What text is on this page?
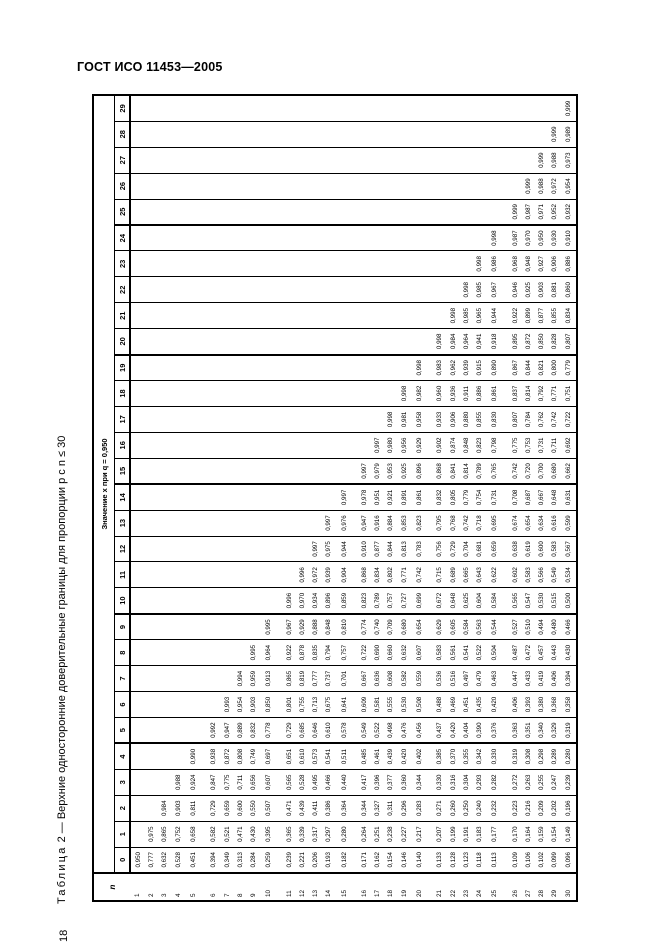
ГОСТ ИСО 11453—2005
18
Таблица 2 — Верхние односторонние доверительные границы для пропорции p с n ≤ 30
n	Значение x при q = 0,950																													
	0	1	2	3	4	5	6	7	8	9	10	11	12	13	14	15	16	17	18	19	20	21	22	23	24	25	26	27	28	29
1	0,950																													
2	0,777	0,975																												
3	0,632	0,865	0,984																											
4	0,528	0,752	0,903	0,988																										
5	0,451	0,658	0,811	0,924	0,990																									
6	0,394	0,582	0,729	0,847	0,938	0,992																								
7	0,349	0,521	0,659	0,775	0,872	0,947	0,993																							
8	0,313	0,471	0,600	0,711	0,808	0,889	0,954	0,994																						
9	0,284	0,430	0,550	0,656	0,749	0,832	0,903	0,959	0,995																					
10	0,259	0,395	0,507	0,607	0,697	0,778	0,850	0,913	0,964	0,995																				
11	0,239	0,365	0,471	0,565	0,651	0,729	0,801	0,865	0,922	0,967	0,996																			
12	0,221	0,339	0,439	0,528	0,610	0,685	0,755	0,819	0,878	0,929	0,970	0,996																		
13	0,206	0,317	0,411	0,495	0,573	0,646	0,713	0,777	0,835	0,888	0,934	0,972	0,997																	
14	0,193	0,297	0,386	0,466	0,541	0,610	0,675	0,737	0,794	0,848	0,896	0,939	0,975	0,997																
15	0,182	0,280	0,364	0,440	0,511	0,578	0,641	0,701	0,757	0,810	0,859	0,904	0,944	0,976	0,997															
16	0,171	0,264	0,344	0,417	0,485	0,549	0,609	0,667	0,722	0,774	0,823	0,868	0,910	0,947	0,978	0,997														
17	0,162	0,251	0,327	0,396	0,461	0,522	0,581	0,636	0,690	0,740	0,789	0,834	0,877	0,916	0,951	0,979	0,997													
18	0,154	0,238	0,311	0,377	0,439	0,498	0,555	0,608	0,660	0,709	0,757	0,802	0,844	0,884	0,921	0,953	0,980	0,998												
19	0,146	0,227	0,296	0,360	0,420	0,476	0,530	0,582	0,632	0,680	0,727	0,771	0,813	0,853	0,891	0,925	0,956	0,981	0,998											
20	0,140	0,217	0,283	0,344	0,402	0,456	0,508	0,559	0,607	0,654	0,699	0,742	0,783	0,823	0,861	0,896	0,929	0,958	0,982	0,998										
21	0,133	0,207	0,271	0,330	0,385	0,437	0,488	0,536	0,583	0,629	0,672	0,715	0,756	0,795	0,832	0,868	0,902	0,933	0,960	0,983	0,998									
22	0,128	0,199	0,260	0,316	0,370	0,420	0,469	0,516	0,561	0,605	0,648	0,689	0,729	0,768	0,805	0,841	0,874	0,906	0,936	0,962	0,984	0,998								
23	0,123	0,191	0,250	0,304	0,355	0,404	0,451	0,497	0,541	0,584	0,625	0,665	0,704	0,742	0,779	0,814	0,848	0,880	0,911	0,939	0,964	0,985	0,998							
24	0,118	0,183	0,240	0,293	0,342	0,390	0,435	0,479	0,522	0,563	0,604	0,643	0,681	0,718	0,754	0,789	0,823	0,855	0,886	0,915	0,941	0,965	0,985	0,998						
25	0,113	0,177	0,232	0,282	0,330	0,376	0,420	0,463	0,504	0,544	0,584	0,622	0,659	0,695	0,731	0,765	0,798	0,830	0,861	0,890	0,918	0,944	0,967	0,986	0,998					
26	0,109	0,170	0,223	0,272	0,319	0,363	0,406	0,447	0,487	0,527	0,565	0,602	0,638	0,674	0,708	0,742	0,775	0,807	0,837	0,867	0,895	0,922	0,946	0,968	0,987	0,999				
27	0,106	0,164	0,216	0,263	0,308	0,351	0,393	0,433	0,472	0,510	0,547	0,583	0,619	0,654	0,687	0,720	0,753	0,784	0,814	0,844	0,872	0,899	0,925	0,948	0,970	0,987	0,999			
28	0,102	0,159	0,209	0,255	0,298	0,340	0,380	0,419	0,457	0,494	0,530	0,566	0,600	0,634	0,667	0,700	0,731	0,762	0,792	0,821	0,850	0,877	0,903	0,927	0,950	0,971	0,988	0,999		
29	0,099	0,154	0,202	0,247	0,289	0,329	0,368	0,406	0,443	0,480	0,515	0,549	0,583	0,616	0,648	0,680	0,711	0,742	0,771	0,800	0,828	0,855	0,881	0,906	0,930	0,952	0,972	0,988	0,999	
30	0,096	0,149	0,196	0,239	0,280	0,319	0,358	0,394	0,430	0,466	0,500	0,534	0,567	0,599	0,631	0,662	0,692	0,722	0,751	0,779	0,807	0,834	0,860	0,886	0,910	0,932	0,954	0,973	0,989	0,999
